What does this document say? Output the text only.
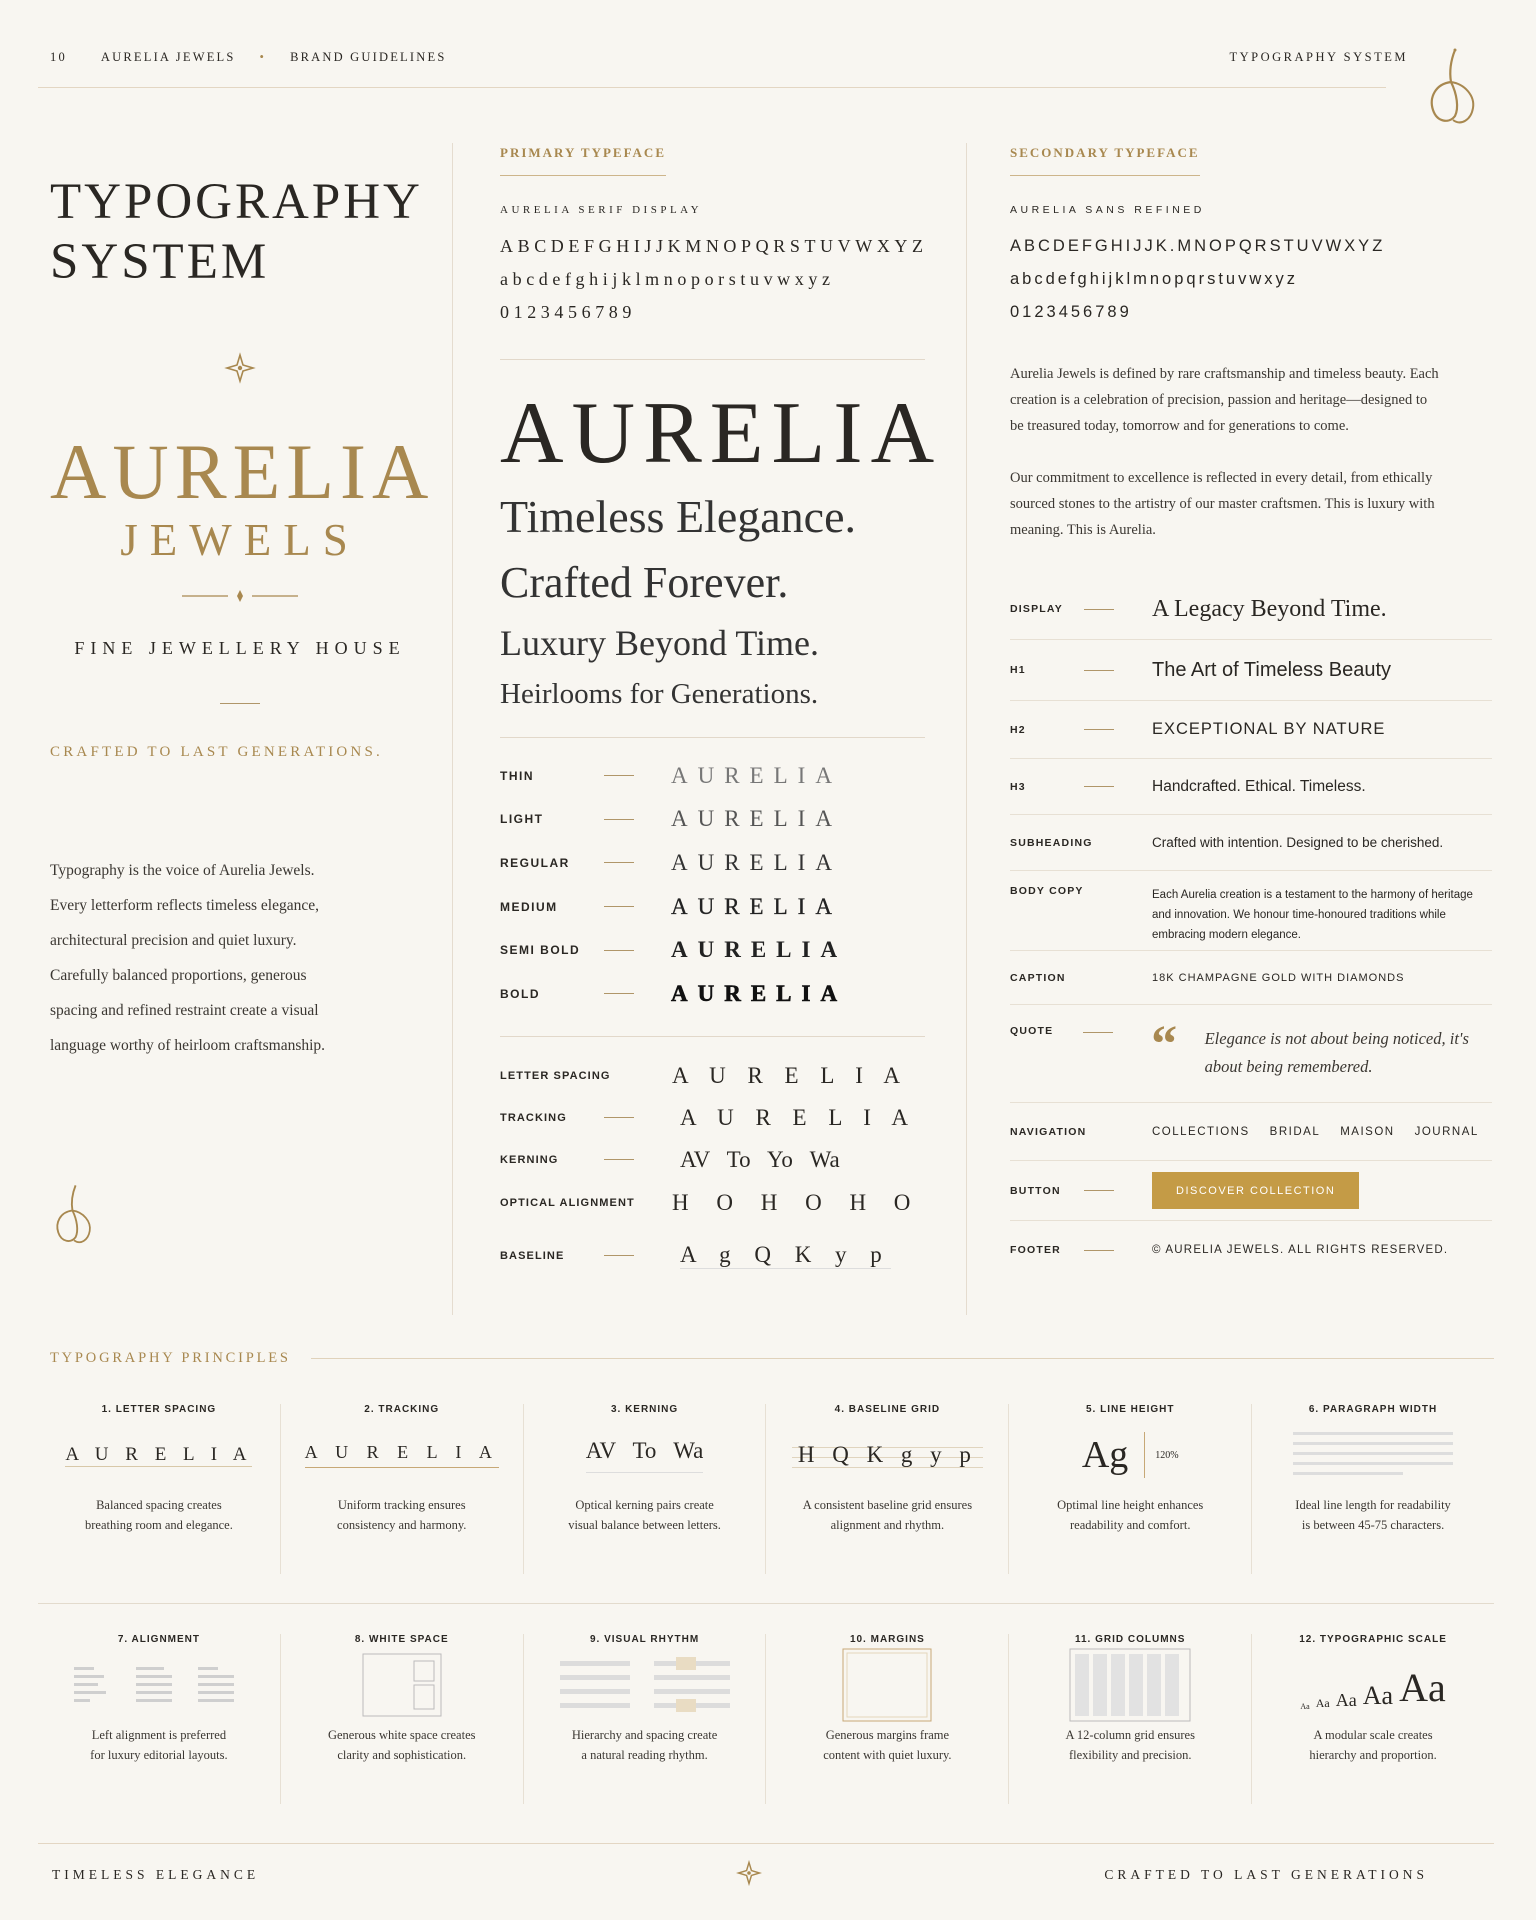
10	AURELIA JEWELS • BRAND GUIDELINES	TYPOGRAPHY SYSTEM
TYPOGRAPHY
SYSTEM
AURELIA
JEWELS
FINE JEWELLERY HOUSE
CRAFTED TO LAST GENERATIONS.
Typography is the voice of Aurelia Jewels.
Every letterform reflects timeless elegance,
architectural precision and quiet luxury.
Carefully balanced proportions, generous
spacing and refined restraint create a visual
language worthy of heirloom craftsmanship.
PRIMARY TYPEFACE
AURELIA SERIF DISPLAY
ABCDEFGHIJJKMNOPQRSTUVWXYZ
abcdefghijklmnoporstuvwxyz
0123456789
AURELIA
Timeless Elegance.
Crafted Forever.
Luxury Beyond Time.
Heirlooms for Generations.
THIN	AURELIA
LIGHT	AURELIA
REGULAR	AURELIA
MEDIUM	AURELIA
SEMI BOLD	AURELIA
BOLD	AURELIA
LETTER SPACING	A U R E L I A
TRACKING	A U R E L I A
KERNING	AV   To   Yo   Wa
OPTICAL ALIGNMENT	H O H O H O
BASELINE	A g Q K y p
SECONDARY TYPEFACE
AURELIA SANS REFINED
ABCDEFGHIJJK.MNOPQRSTUVWXYZ
abcdefghijklmnopqrstuvwxyz
0123456789
Aurelia Jewels is defined by rare craftsmanship and timeless beauty. Each creation is a celebration of precision, passion and heritage—designed to be treasured today, tomorrow and for generations to come.
Our commitment to excellence is reflected in every detail, from ethically sourced stones to the artistry of our master craftsmen. This is luxury with meaning. This is Aurelia.
DISPLAY	A Legacy Beyond Time.
H1	The Art of Timeless Beauty
H2	EXCEPTIONAL BY NATURE
H3	Handcrafted. Ethical. Timeless.
SUBHEADING	Crafted with intention. Designed to be cherished.
BODY COPY	Each Aurelia creation is a testament to the harmony of heritage and innovation. We honour time-honoured traditions while embracing modern elegance.
CAPTION	18K CHAMPAGNE GOLD WITH DIAMONDS
QUOTE	“	Elegance is not about being noticed, it's about being remembered.
NAVIGATION	COLLECTIONS BRIDAL MAISON JOURNAL
BUTTON	DISCOVER COLLECTION
FOOTER	© AURELIA JEWELS. ALL RIGHTS RESERVED.
TYPOGRAPHY PRINCIPLES
1. LETTER SPACING
A U R E L I A
Balanced spacing creates
breathing room and elegance.
2. TRACKING
A U R E L I A
Uniform tracking ensures
consistency and harmony.
3. KERNING
AV   To   Wa
Optical kerning pairs create
visual balance between letters.
4. BASELINE GRID
H Q K g y p
A consistent baseline grid ensures
alignment and rhythm.
5. LINE HEIGHT
Ag	120%
Optimal line height enhances
readability and comfort.
6. PARAGRAPH WIDTH
Ideal line length for readability
is between 45-75 characters.
7. ALIGNMENT
Left alignment is preferred
for luxury editorial layouts.
8. WHITE SPACE
Generous white space creates
clarity and sophistication.
9. VISUAL RHYTHM
Hierarchy and spacing create
a natural reading rhythm.
10. MARGINS
Generous margins frame
content with quiet luxury.
11. GRID COLUMNS
A 12-column grid ensures
flexibility and precision.
12. TYPOGRAPHIC SCALE
Aa Aa Aa Aa Aa
A modular scale creates
hierarchy and proportion.
TIMELESS ELEGANCE	CRAFTED TO LAST GENERATIONS
